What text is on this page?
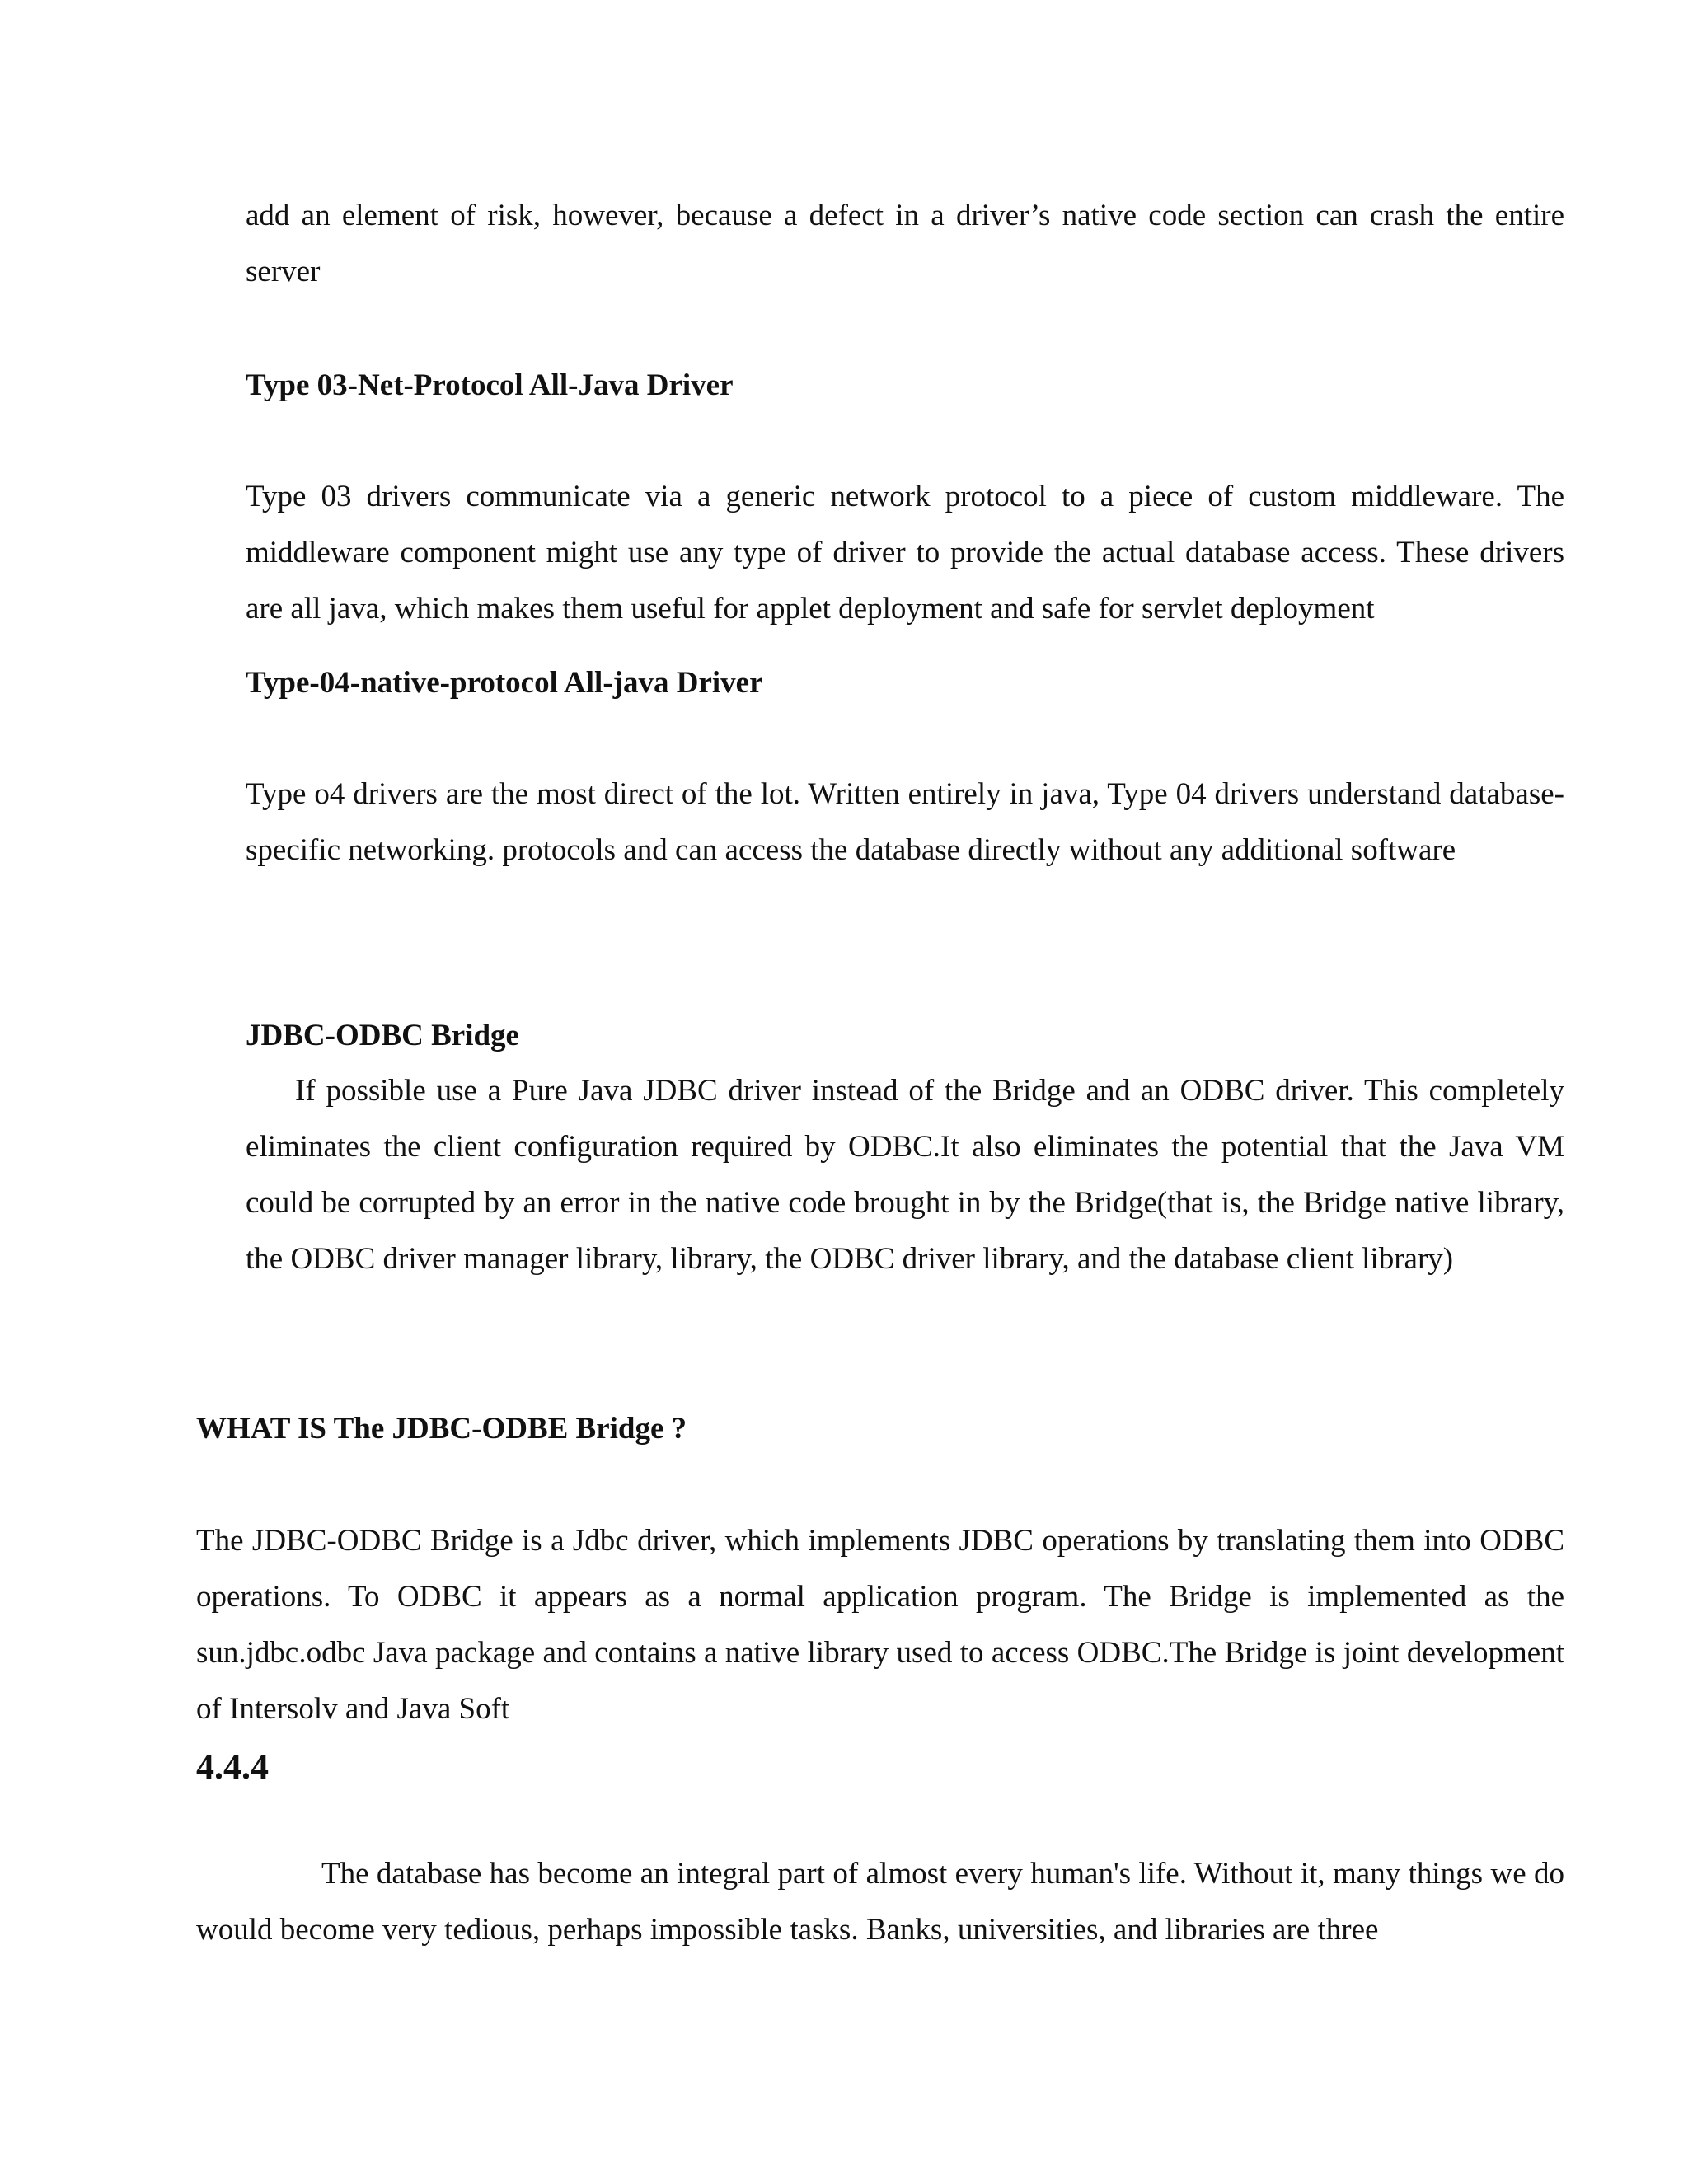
add an element of risk, however, because a defect in a driver’s native code section can crash the entire server

Type 03-Net-Protocol All-Java Driver

Type 03 drivers communicate via a generic network protocol to a piece of custom middleware. The middleware component might use any type of driver to provide the actual database access. These drivers are all java, which makes them useful for applet deployment and safe for servlet deployment

Type-04-native-protocol All-java Driver

Type o4 drivers are the most direct of the lot. Written entirely in java, Type 04 drivers understand database-specific networking. protocols and can access the database directly without any additional software

JDBC-ODBC Bridge

If possible use a Pure Java JDBC driver instead of the Bridge and an ODBC driver. This completely eliminates the client configuration required by ODBC.It also eliminates the potential that the Java VM could be corrupted by an error in the native code brought in by the Bridge(that is, the Bridge native library, the ODBC driver manager library, library, the ODBC driver library, and the database client library)

WHAT IS The JDBC-ODBE Bridge ?

The JDBC-ODBC Bridge is a Jdbc driver, which implements JDBC operations by translating them into ODBC operations. To ODBC it appears as a normal application program. The Bridge is implemented as the sun.jdbc.odbc Java package and contains a native library used to access ODBC.The Bridge is joint development of Intersolv and Java Soft

4.4.4

The database has become an integral part of almost every human's life. Without it, many things we do would become very tedious, perhaps impossible tasks. Banks, universities, and libraries are three
